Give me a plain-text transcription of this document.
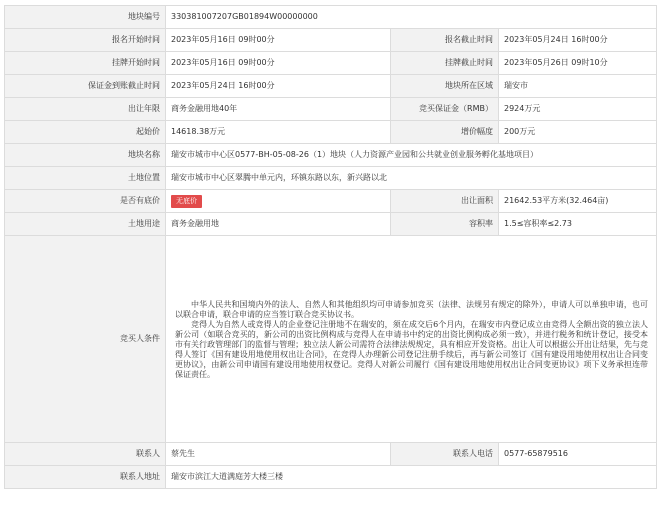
地块编号	330381007207GB01894W00000000		
报名开始时间	2023年05月16日 09时00分	报名截止时间	2023年05月24日 16时00分
挂牌开始时间	2023年05月16日 09时00分	挂牌截止时间	2023年05月26日 09时10分
保证金到账截止时间	2023年05月24日 16时00分	地块所在区域	瑞安市
出让年限	商务金融用地40年	竞买保证金（RMB）	2924万元
起始价	14618.38万元	增价幅度	200万元
地块名称	瑞安市城市中心区0577-BH-05-08-26（1）地块（人力资源产业园和公共就业创业服务孵化基地项目）		
土地位置	瑞安市城市中心区翠腾中单元内，环镇东路以东，新兴路以北		
是否有底价	无底价	出让面积	21642.53平方米(32.464亩)
土地用途	商务金融用地	容积率	1.5≤容积率≤2.73
竞买人条件	中华人民共和国境内外的法人、自然人和其他组织均可申请参加竞买（法律、法规另有规定的除外），申请人可以单独申请，也可以联合申请，联合申请的应当签订联合竞买协议书。

竞得人为自然人或竞得人的企业登记注册地不在瑞安的，须在成交后6个月内，在瑞安市内登记成立由竞得人全额出资的独立法人新公司（如联合竞买的，新公司的出资比例构成与竞得人在申请书中约定的出资比例构成必须一致），并进行税务和统计登记，接受本市有关行政管理部门的监督与管理；独立法人新公司需符合法律法规规定，具有相应开发资格。出让人可以根据公开出让结果，先与竞得人签订《国有建设用地使用权出让合同》，在竞得人办理新公司登记注册手续后，再与新公司签订《国有建设用地使用权出让合同变更协议》，由新公司申请国有建设用地使用权登记。竞得人对新公司履行《国有建设用地使用权出让合同变更协议》项下义务承担连带保证责任。		

联系人	蔡先生	联系人电话	0577-65879516
联系人地址	瑞安市滨江大道满庭芳大楼三楼		
